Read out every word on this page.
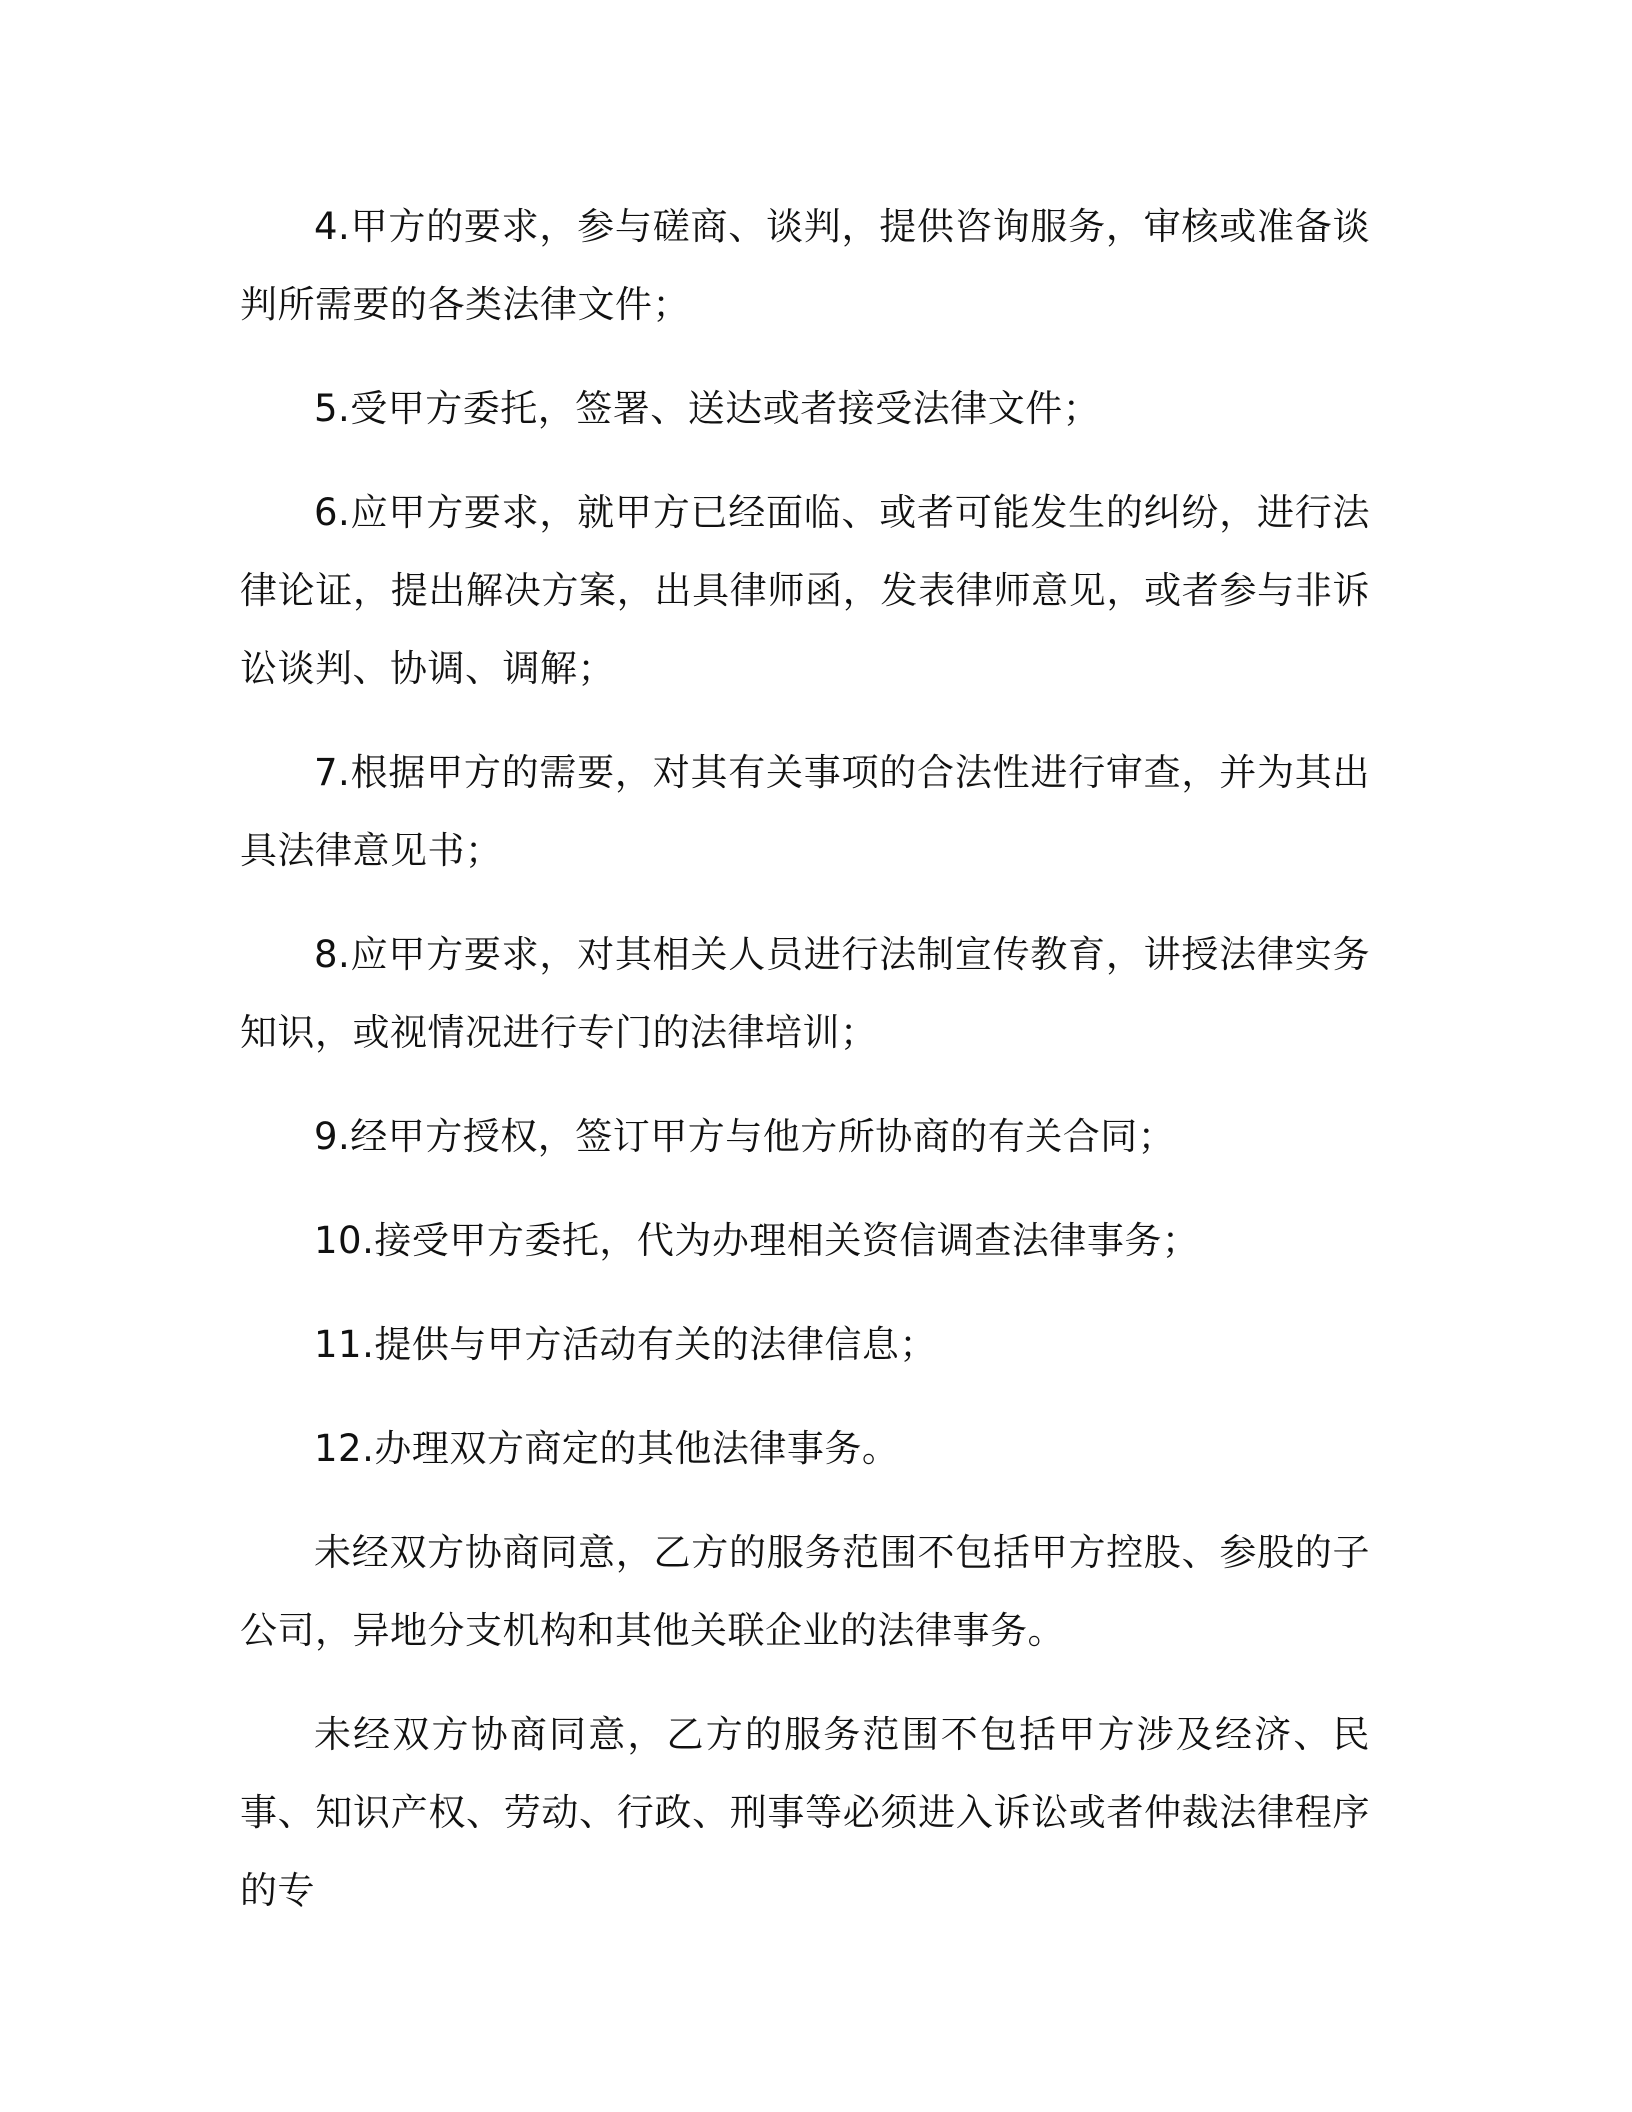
4.甲方的要求，参与磋商、谈判，提供咨询服务，审核或准备谈判所需要的各类法律文件；

5.受甲方委托，签署、送达或者接受法律文件；

6.应甲方要求，就甲方已经面临、或者可能发生的纠纷，进行法律论证，提出解决方案，出具律师函，发表律师意见，或者参与非诉讼谈判、协调、调解；

7.根据甲方的需要，对其有关事项的合法性进行审查，并为其出具法律意见书；

8.应甲方要求，对其相关人员进行法制宣传教育，讲授法律实务知识，或视情况进行专门的法律培训；

9.经甲方授权，签订甲方与他方所协商的有关合同；

10.接受甲方委托，代为办理相关资信调查法律事务；

11.提供与甲方活动有关的法律信息；

12.办理双方商定的其他法律事务。

未经双方协商同意，乙方的服务范围不包括甲方控股、参股的子公司，异地分支机构和其他关联企业的法律事务。

未经双方协商同意，乙方的服务范围不包括甲方涉及经济、民事、知识产权、劳动、行政、刑事等必须进入诉讼或者仲裁法律程序的专
